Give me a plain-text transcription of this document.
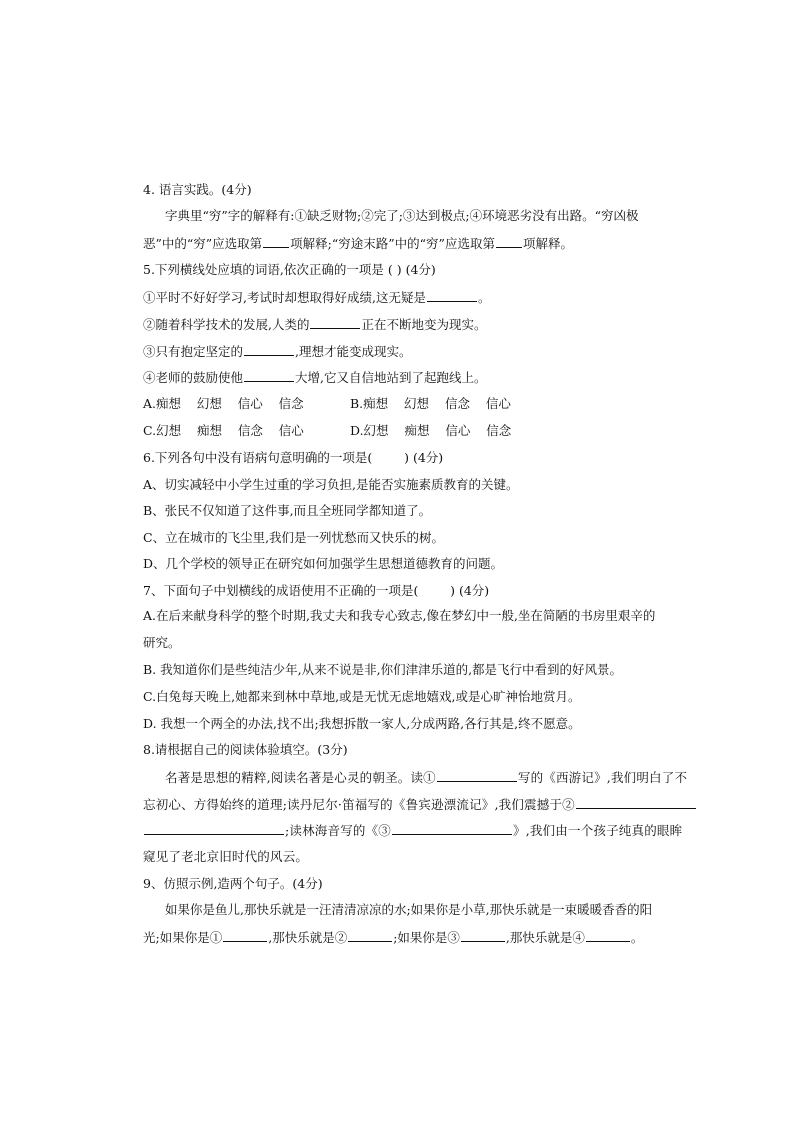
4. 语言实践。(4分)
字典里“穷”字的解释有:①缺乏财物;②完了;③达到极点;④环境恶劣没有出路。“穷凶极
恶”中的“穷”应选取第 项解释;“穷途末路”中的“穷”应选取第 项解释。
5.下列横线处应填的词语,依次正确的一项是 ( ) (4分)
①平时不好好学习,考试时却想取得好成绩,这无疑是	。
②随着科学技术的发展,人类的	正在不断地变为现实。
③只有抱定坚定的	,理想才能变成现实。
④老师的鼓励使他	大增,它又自信地站到了起跑线上。
A.痴想    幻想    信心    信念	B.痴想    幻想    信念    信心
C.幻想    痴想    信念    信心	D.幻想    痴想    信心    信念
6.下列各句中没有语病句意明确的一项是(        ) (4分)
A、切实减轻中小学生过重的学习负担,是能否实施素质教育的关键。
B、张民不仅知道了这件事,而且全班同学都知道了。
C、立在城市的飞尘里,我们是一列忧愁而又快乐的树。
D、几个学校的领导正在研究如何加强学生思想道德教育的问题。
7、下面句子中划横线的成语使用不正确的一项是(        ) (4分)
A.在后来献身科学的整个时期,我丈夫和我专心致志,像在梦幻中一般,坐在简陋的书房里艰辛的
研究。
B. 我知道你们是些纯洁少年,从来不说是非,你们津津乐道的,都是飞行中看到的好风景。
C.白兔每天晚上,她都来到林中草地,或是无忧无虑地嬉戏,或是心旷神怡地赏月。
D. 我想一个两全的办法,找不出;我想拆散一家人,分成两路,各行其是,终不愿意。
8.请根据自己的阅读体验填空。(3分)
名著是思想的精粹,阅读名著是心灵的朝圣。读①	写的《西游记》,我们明白了不
忘初心、方得始终的道理;读丹尼尔·笛福写的《鲁宾逊漂流记》,我们震撼于②
;读林海音写的《③	》,我们由一个孩子纯真的眼眸
窥见了老北京旧时代的风云。
9、仿照示例,造两个句子。(4分)
如果你是鱼儿,那快乐就是一汪清清凉凉的水;如果你是小草,那快乐就是一束暖暖香香的阳
光;如果你是①	,那快乐就是②	;如果你是③	,那快乐就是④	。
